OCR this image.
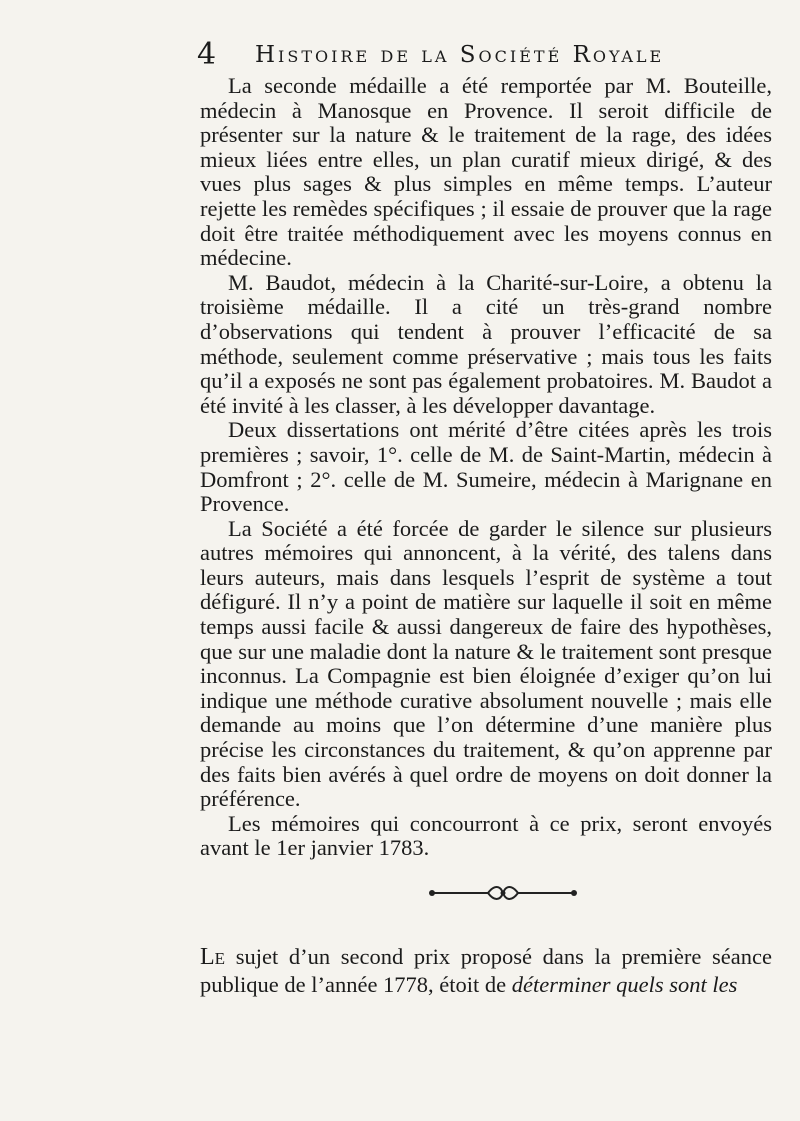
4 Histoire de la Société Royale

La seconde médaille a été remportée par M. Bouteille, médecin à Manosque en Provence. Il seroit difficile de présenter sur la nature & le traitement de la rage, des idées mieux liées entre elles, un plan curatif mieux dirigé, & des vues plus sages & plus simples en même temps. L’auteur rejette les remèdes spécifiques ; il essaie de prouver que la rage doit être traitée méthodiquement avec les moyens connus en médecine.

M. Baudot, médecin à la Charité-sur-Loire, a obtenu la troisième médaille. Il a cité un très-grand nombre d’observations qui tendent à prouver l’efficacité de sa méthode, seulement comme préservative ; mais tous les faits qu’il a exposés ne sont pas également probatoires. M. Baudot a été invité à les classer, à les développer davantage.

Deux dissertations ont mérité d’être citées après les trois premières ; savoir, 1°. celle de M. de Saint-Martin, médecin à Domfront ; 2°. celle de M. Sumeire, médecin à Marignane en Provence.

La Société a été forcée de garder le silence sur plusieurs autres mémoires qui annoncent, à la vérité, des talens dans leurs auteurs, mais dans lesquels l’esprit de système a tout défiguré. Il n’y a point de matière sur laquelle il soit en même temps aussi facile & aussi dangereux de faire des hypothèses, que sur une maladie dont la nature & le traitement sont presque inconnus. La Compagnie est bien éloignée d’exiger qu’on lui indique une méthode curative absolument nouvelle ; mais elle demande au moins que l’on détermine d’une manière plus précise les circonstances du traitement, & qu’on apprenne par des faits bien avérés à quel ordre de moyens on doit donner la préférence.

Les mémoires qui concourront à ce prix, seront envoyés avant le 1er janvier 1783.

Le sujet d’un second prix proposé dans la première séance publique de l’année 1778, étoit de déterminer quels sont les
